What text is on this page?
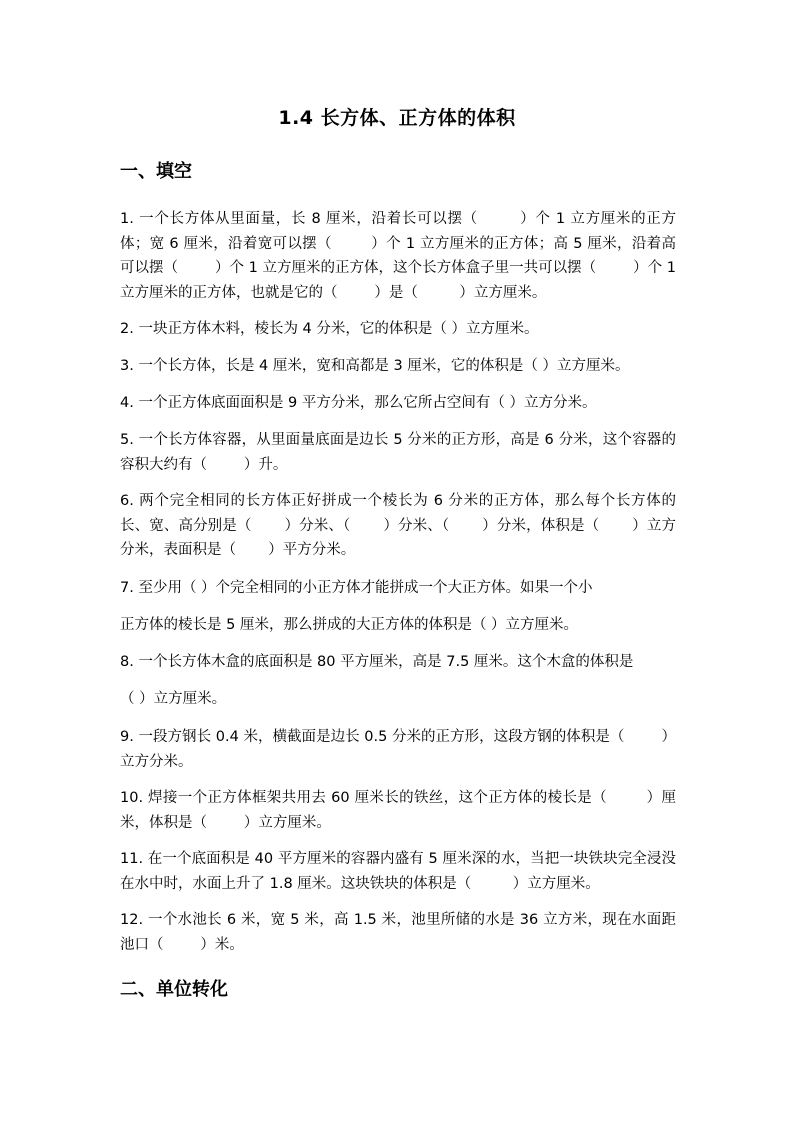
1.4 长方体、正方体的体积
一、填空
1. 一个长方体从里面量，长 8 厘米，沿着长可以摆（        ）个 1 立方厘米的正方体；宽 6 厘米，沿着宽可以摆（        ）个 1 立方厘米的正方体；高 5 厘米，沿着高可以摆（        ）个 1 立方厘米的正方体，这个长方体盒子里一共可以摆（        ）个 1 立方厘米的正方体，也就是它的（        ）是（         ）立方厘米。
2. 一块正方体木料，棱长为 4 分米，它的体积是（ ）立方厘米。
3. 一个长方体，长是 4 厘米，宽和高都是 3 厘米，它的体积是（ ）立方厘米。
4. 一个正方体底面面积是 9 平方分米，那么它所占空间有（ ）立方分米。
5. 一个长方体容器，从里面量底面是边长 5 分米的正方形，高是 6 分米，这个容器的容积大约有（        ）升。
6. 两个完全相同的长方体正好拼成一个棱长为 6 分米的正方体，那么每个长方体的长、宽、高分别是（       ）分米、（       ）分米、（       ）分米，体积是（       ）立方分米，表面积是（       ）平方分米。
7. 至少用（ ）个完全相同的小正方体才能拼成一个大正方体。如果一个小
正方体的棱长是 5 厘米，那么拼成的大正方体的体积是（ ）立方厘米。
8. 一个长方体木盒的底面积是 80 平方厘米，高是 7.5 厘米。这个木盒的体积是
（ ）立方厘米。
9. 一段方钢长 0.4 米，横截面是边长 0.5 分米的正方形，这段方钢的体积是（        ）立方分米。
10. 焊接一个正方体框架共用去 60 厘米长的铁丝，这个正方体的棱长是（        ）厘米，体积是（        ）立方厘米。
11. 在一个底面积是 40 平方厘米的容器内盛有 5 厘米深的水，当把一块铁块完全浸没在水中时，水面上升了 1.8 厘米。这块铁块的体积是（         ）立方厘米。
12. 一个水池长 6 米，宽 5 米，高 1.5 米，池里所储的水是 36 立方米，现在水面距池口（        ）米。
二、单位转化
